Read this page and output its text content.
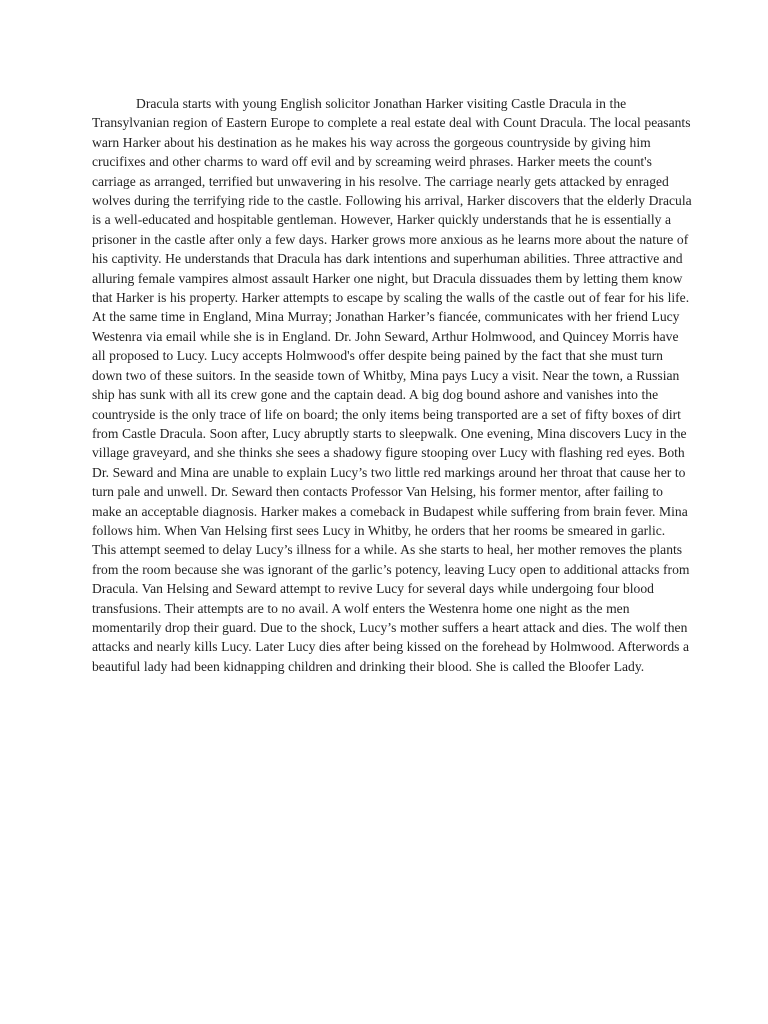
Dracula starts with young English solicitor Jonathan Harker visiting Castle Dracula in the Transylvanian region of Eastern Europe to complete a real estate deal with Count Dracula. The local peasants warn Harker about his destination as he makes his way across the gorgeous countryside by giving him crucifixes and other charms to ward off evil and by screaming weird phrases. Harker meets the count's carriage as arranged, terrified but unwavering in his resolve. The carriage nearly gets attacked by enraged wolves during the terrifying ride to the castle. Following his arrival, Harker discovers that the elderly Dracula is a well-educated and hospitable gentleman. However, Harker quickly understands that he is essentially a prisoner in the castle after only a few days. Harker grows more anxious as he learns more about the nature of his captivity. He understands that Dracula has dark intentions and superhuman abilities. Three attractive and alluring female vampires almost assault Harker one night, but Dracula dissuades them by letting them know that Harker is his property. Harker attempts to escape by scaling the walls of the castle out of fear for his life. At the same time in England, Mina Murray; Jonathan Harker’s fiancée, communicates with her friend Lucy Westenra via email while she is in England. Dr. John Seward, Arthur Holmwood, and Quincey Morris have all proposed to Lucy. Lucy accepts Holmwood's offer despite being pained by the fact that she must turn down two of these suitors. In the seaside town of Whitby, Mina pays Lucy a visit. Near the town, a Russian ship has sunk with all its crew gone and the captain dead. A big dog bound ashore and vanishes into the countryside is the only trace of life on board; the only items being transported are a set of fifty boxes of dirt from Castle Dracula. Soon after, Lucy abruptly starts to sleepwalk. One evening, Mina discovers Lucy in the village graveyard, and she thinks she sees a shadowy figure stooping over Lucy with flashing red eyes. Both Dr. Seward and Mina are unable to explain Lucy’s two little red markings around her throat that cause her to turn pale and unwell. Dr. Seward then contacts Professor Van Helsing, his former mentor, after failing to make an acceptable diagnosis. Harker makes a comeback in Budapest while suffering from brain fever. Mina follows him. When Van Helsing first sees Lucy in Whitby, he orders that her rooms be smeared in garlic. This attempt seemed to delay Lucy’s illness for a while. As she starts to heal, her mother removes the plants from the room because she was ignorant of the garlic’s potency, leaving Lucy open to additional attacks from Dracula. Van Helsing and Seward attempt to revive Lucy for several days while undergoing four blood transfusions. Their attempts are to no avail. A wolf enters the Westenra home one night as the men momentarily drop their guard. Due to the shock, Lucy’s mother suffers a heart attack and dies. The wolf then attacks and nearly kills Lucy. Later Lucy dies after being kissed on the forehead by Holmwood. Afterwords a beautiful lady had been kidnapping children and drinking their blood. She is called the Bloofer Lady.
